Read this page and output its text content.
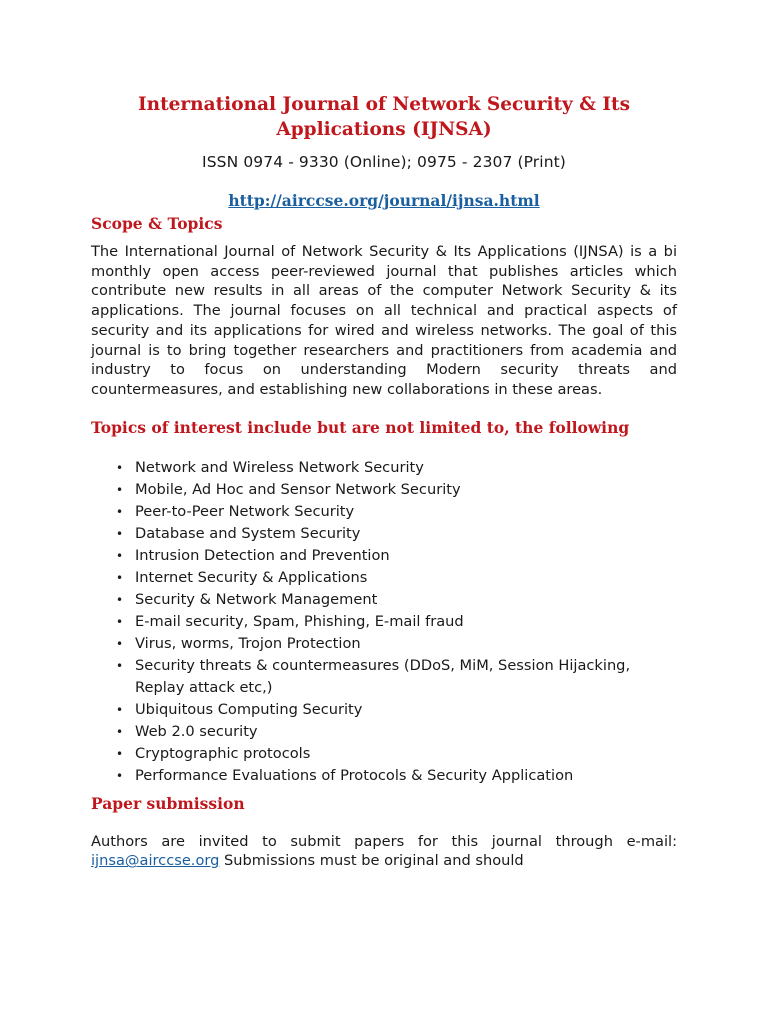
International Journal of Network Security & Its
Applications (IJNSA)
ISSN 0974 - 9330 (Online); 0975 - 2307 (Print)
http://airccse.org/journal/ijnsa.html
Scope & Topics

The International Journal of Network Security & Its Applications (IJNSA) is a bi monthly open access peer-reviewed journal that publishes articles which contribute new results in all areas of the computer Network Security & its applications. The journal focuses on all technical and practical aspects of security and its applications for wired and wireless networks. The goal of this journal is to bring together researchers and practitioners from academia and industry to focus on understanding Modern security threats and countermeasures, and establishing new collaborations in these areas.

Topics of interest include but are not limited to, the following
• Network and Wireless Network Security
• Mobile, Ad Hoc and Sensor Network Security
• Peer-to-Peer Network Security
• Database and System Security
• Intrusion Detection and Prevention
• Internet Security & Applications
• Security & Network Management
• E-mail security, Spam, Phishing, E-mail fraud
• Virus, worms, Trojon Protection
• Security threats & countermeasures (DDoS, MiM, Session Hijacking, Replay attack etc,)
• Ubiquitous Computing Security
• Web 2.0 security
• Cryptographic protocols
• Performance Evaluations of Protocols & Security Application
Paper submission

Authors are invited to submit papers for this journal through e-mail: ijnsa@airccse.org Submissions must be original and should
